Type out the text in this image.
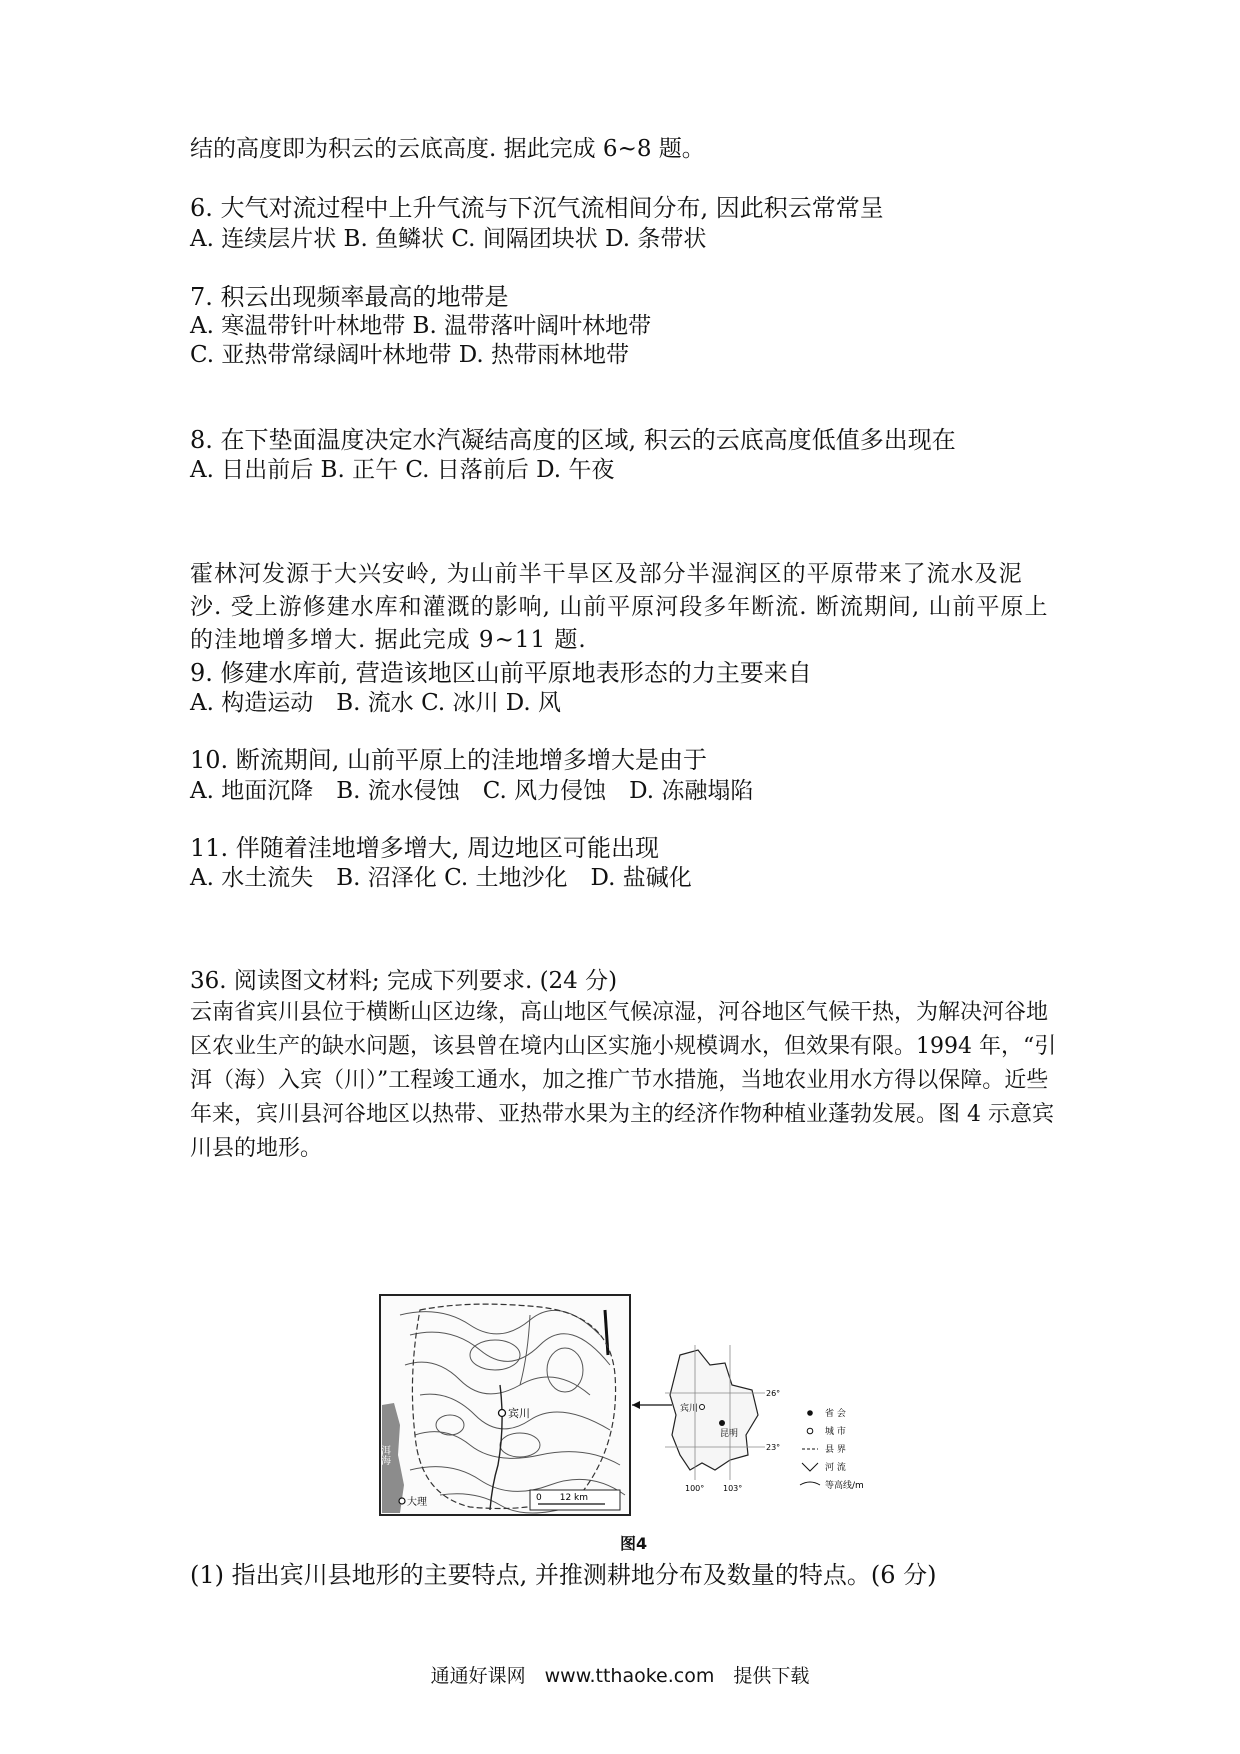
结的高度即为积云的云底高度. 据此完成 6~8 题。
6. 大气对流过程中上升气流与下沉气流相间分布, 因此积云常常呈
A. 连续层片状 B. 鱼鳞状 C. 间隔团块状 D. 条带状
7. 积云出现频率最高的地带是
A. 寒温带针叶林地带 B. 温带落叶阔叶林地带
C. 亚热带常绿阔叶林地带 D. 热带雨林地带
8. 在下垫面温度决定水汽凝结高度的区域, 积云的云底高度低值多出现在
A. 日出前后 B. 正午 C. 日落前后 D. 午夜
霍林河发源于大兴安岭, 为山前半干旱区及部分半湿润区的平原带来了流水及泥沙. 受上游修建水库和灌溉的影响, 山前平原河段多年断流. 断流期间, 山前平原上的洼地增多增大. 据此完成 9~11 题.
9. 修建水库前, 营造该地区山前平原地表形态的力主要来自
A. 构造运动　B. 流水 C. 冰川 D. 风
10. 断流期间, 山前平原上的洼地增多增大是由于
A. 地面沉降　B. 流水侵蚀　C. 风力侵蚀　D. 冻融塌陷
11. 伴随着洼地增多增大, 周边地区可能出现
A. 水土流失　B. 沼泽化 C. 土地沙化　D. 盐碱化
36. 阅读图文材料; 完成下列要求. (24 分)
云南省宾川县位于横断山区边缘，高山地区气候凉湿，河谷地区气候干热，为解决河谷地区农业生产的缺水问题，该县曾在境内山区实施小规模调水，但效果有限。1994 年，“引洱（海）入宾（川）”工程竣工通水，加之推广节水措施，当地农业用水方得以保障。近些年来，宾川县河谷地区以热带、亚热带水果为主的经济作物种植业蓬勃发展。图 4 示意宾川县的地形。
宾川
大理
洱海
0　　12 km
宾川
昆明
26°
23°
100° 103°
省 会
城 市
县 界
河 流
等高线/m
图4
(1) 指出宾川县地形的主要特点, 并推测耕地分布及数量的特点。(6 分)
通通好课网　www.tthaoke.com　提供下载
